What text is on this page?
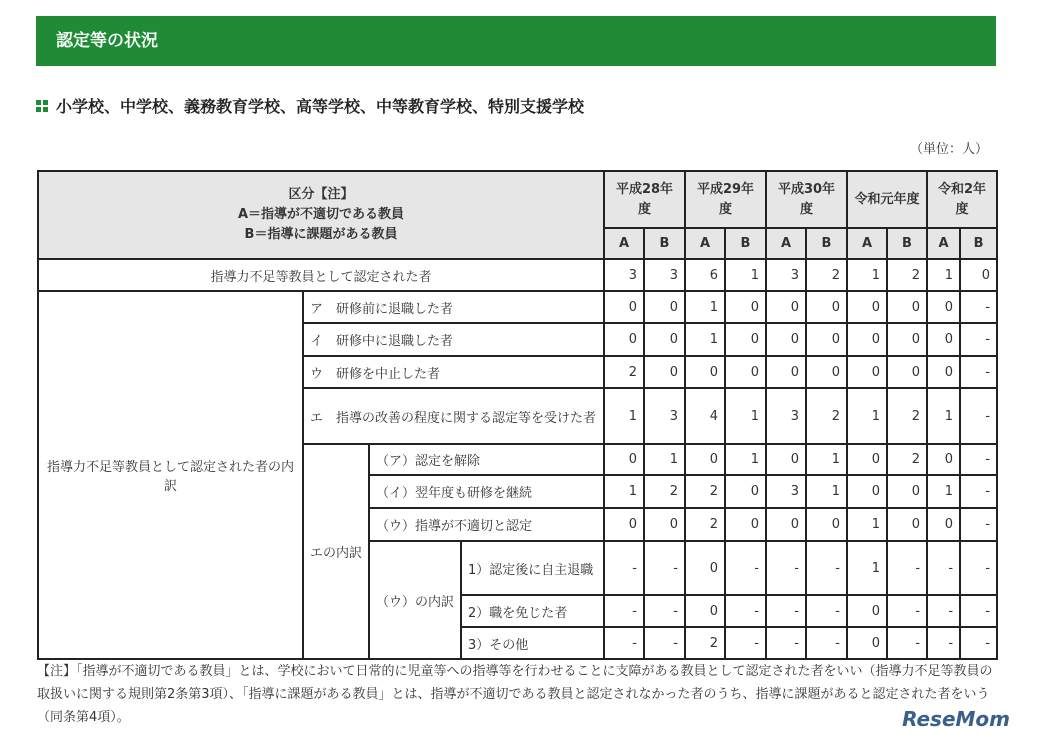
認定等の状況
小学校、中学校、義務教育学校、高等学校、中等教育学校、特別支援学校
（単位：人）
区分【注】
A＝指導が不適切である教員
B＝指導に課題がある教員				平成28年度		平成29年度		平成30年度		令和元年度		令和2年度	
				A	B	A	B	A	B	A	B	A	B
指導力不足等教員として認定された者				3	3	6	1	3	2	1	2	1	0
指導力不足等教員として認定された者の内訳	ア　研修前に退職した者			0	0	1	0	0	0	0	0	0	-
	イ　研修中に退職した者			0	0	1	0	0	0	0	0	0	-
	ウ　研修を中止した者			2	0	0	0	0	0	0	0	0	-
	エ　指導の改善の程度に関する認定等を受けた者			1	3	4	1	3	2	1	2	1	-
	エの内訳	（ア）認定を解除		0	1	0	1	0	1	0	2	0	-
		（イ）翌年度も研修を継続		1	2	2	0	3	1	0	0	1	-
		（ウ）指導が不適切と認定		0	0	2	0	0	0	1	0	0	-
		（ウ）の内訳	1）認定後に自主退職	-	-	0	-	-	-	1	-	-	-
			2）職を免じた者	-	-	0	-	-	-	0	-	-	-
			3）その他	-	-	2	-	-	-	0	-	-	-
【注】「指導が不適切である教員」とは、学校において日常的に児童等への指導等を行わせることに支障がある教員として認定された者をいい（指導力不足等教員の取扱いに関する規則第2条第3項）、「指導に課題がある教員」とは、指導が不適切である教員と認定されなかった者のうち、指導に課題があると認定された者をいう（同条第4項）。	ReseMom
